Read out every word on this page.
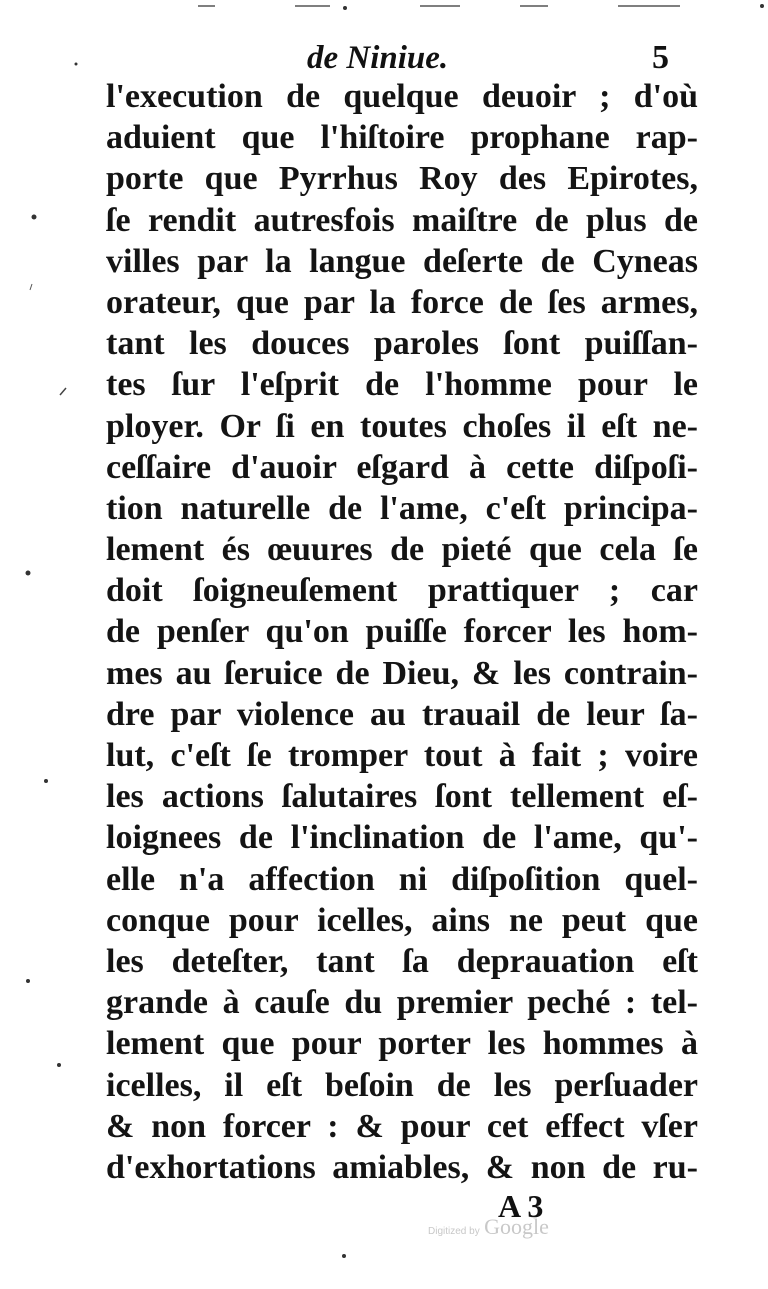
de Niniue.	5
l'execution de quelque deuoir ; d'où
aduient que l'hiſtoire prophane rap-
porte que Pyrrhus Roy des Epirotes,
ſe rendit autresfois maiſtre de plus de
villes par la langue deſerte de Cyneas
orateur, que par la force de ſes armes,
tant les douces paroles ſont puiſſan-
tes ſur l'eſprit de l'homme pour le
ployer. Or ſi en toutes choſes il eſt ne-
ceſſaire d'auoir eſgard à cette diſpoſi-
tion naturelle de l'ame, c'eſt principa-
lement és œuures de pieté que cela ſe
doit ſoigneuſement prattiquer ; car
de penſer qu'on puiſſe forcer les hom-
mes au ſeruice de Dieu, & les contrain-
dre par violence au trauail de leur ſa-
lut, c'eſt ſe tromper tout à fait ; voire
les actions ſalutaires ſont tellement eſ-
loignees de l'inclination de l'ame, qu'-
elle n'a affection ni diſpoſition quel-
conque pour icelles, ains ne peut que
les deteſter, tant ſa deprauation eſt
grande à cauſe du premier peché : tel-
lement que pour porter les hommes à
icelles, il eſt beſoin de les perſuader
& non forcer : & pour cet effect vſer
d'exhortations amiables, & non de ru-
A 3
Digitized by Google
